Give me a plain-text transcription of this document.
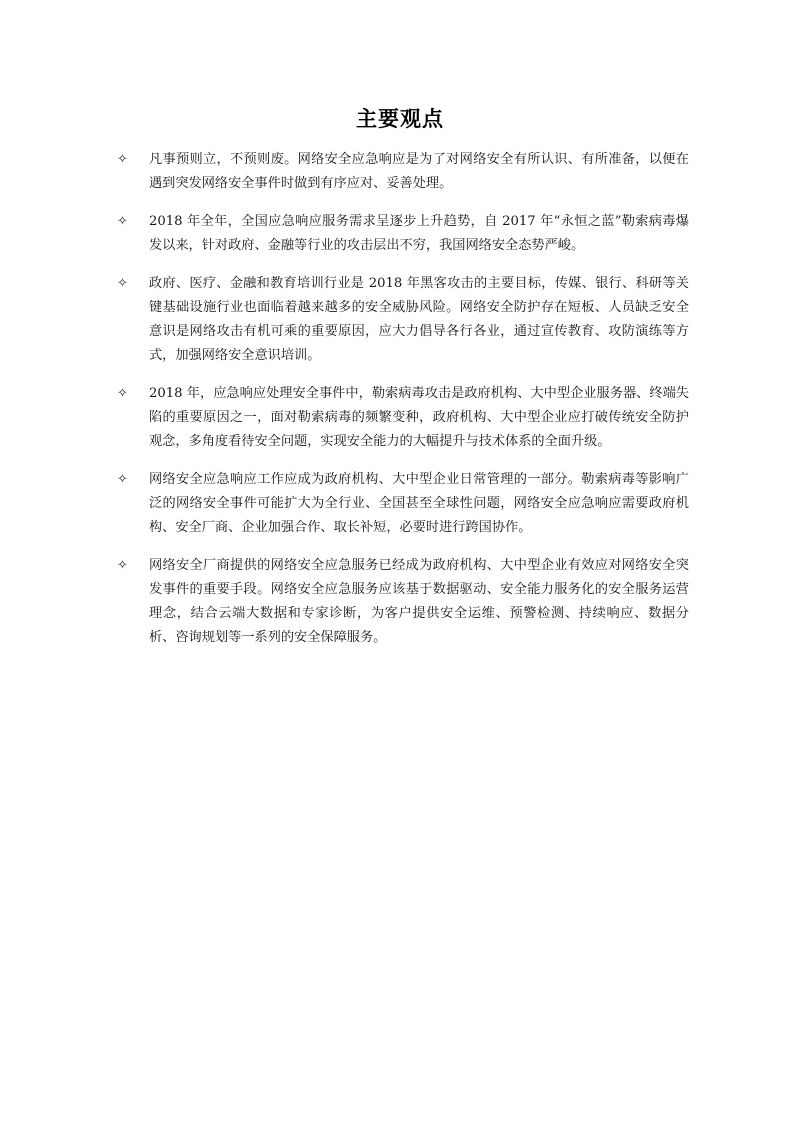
主要观点
✧	凡事预则立，不预则废。网络安全应急响应是为了对网络安全有所认识、有所准备，以便在遇到突发网络安全事件时做到有序应对、妥善处理。
✧	2018 年全年，全国应急响应服务需求呈逐步上升趋势，自 2017 年“永恒之蓝”勒索病毒爆发以来，针对政府、金融等行业的攻击层出不穷，我国网络安全态势严峻。
✧	政府、医疗、金融和教育培训行业是 2018 年黑客攻击的主要目标，传媒、银行、科研等关键基础设施行业也面临着越来越多的安全威胁风险。网络安全防护存在短板、人员缺乏安全意识是网络攻击有机可乘的重要原因，应大力倡导各行各业，通过宣传教育、攻防演练等方式，加强网络安全意识培训。
✧	2018 年，应急响应处理安全事件中，勒索病毒攻击是政府机构、大中型企业服务器、终端失陷的重要原因之一，面对勒索病毒的频繁变种，政府机构、大中型企业应打破传统安全防护观念，多角度看待安全问题，实现安全能力的大幅提升与技术体系的全面升级。
✧	网络安全应急响应工作应成为政府机构、大中型企业日常管理的一部分。勒索病毒等影响广泛的网络安全事件可能扩大为全行业、全国甚至全球性问题，网络安全应急响应需要政府机构、安全厂商、企业加强合作、取长补短，必要时进行跨国协作。
✧	网络安全厂商提供的网络安全应急服务已经成为政府机构、大中型企业有效应对网络安全突发事件的重要手段。网络安全应急服务应该基于数据驱动、安全能力服务化的安全服务运营理念，结合云端大数据和专家诊断，为客户提供安全运维、预警检测、持续响应、数据分析、咨询规划等一系列的安全保障服务。
